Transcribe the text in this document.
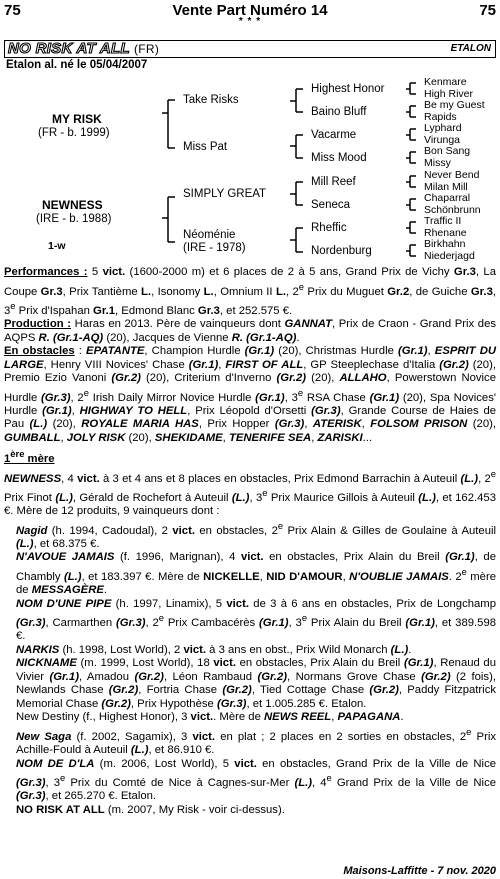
75	Vente Part Numéro 14	75
* * *
NO RISK AT ALL (FR)	ETALON
Etalon al. né le 05/04/2007
MY RISK
(FR - b. 1999)
NEWNESS
(IRE - b. 1988)
1-w
Take Risks
Miss Pat
SIMPLY GREAT
Néoménie
(IRE - 1978)
Highest Honor
Baino Bluff
Vacarme
Miss Mood
Mill Reef
Seneca
Rheffic
Nordenburg
Kenmare
High River
Be my Guest
Rapids
Lyphard
Virunga
Bon Sang
Missy
Never Bend
Milan Mill
Chaparral
Schönbrunn
Traffic II
Rhenane
Birkhahn
Niederjagd

Performances : 5 vict. (1600-2000 m) et 6 places de 2 à 5 ans, Grand Prix de Vichy Gr.3, La Coupe Gr.3, Prix Tantième L., Isonomy L., Omnium II L., 2e Prix du Muguet Gr.2, de Guiche Gr.3, 3e Prix d'Ispahan Gr.1, Edmond Blanc Gr.3, et 252.575 €.

Production : Haras en 2013. Père de vainqueurs dont GANNAT, Prix de Craon - Grand Prix des AQPS R. (Gr.1-AQ) (20), Jacques de Vienne R. (Gr.1-AQ).

En obstacles : EPATANTE, Champion Hurdle (Gr.1) (20), Christmas Hurdle (Gr.1), ESPRIT DU LARGE, Henry VIII Novices' Chase (Gr.1), FIRST OF ALL, GP Steeplechase d'Italia (Gr.2) (20), Premio Ezio Vanoni (Gr.2) (20), Criterium d'Inverno (Gr.2) (20), ALLAHO, Powerstown Novice Hurdle (Gr.3), 2e Irish Daily Mirror Novice Hurdle (Gr.1), 3e RSA Chase (Gr.1) (20), Spa Novices' Hurdle (Gr.1), HIGHWAY TO HELL, Prix Léopold d'Orsetti (Gr.3), Grande Course de Haies de Pau (L.) (20), ROYALE MARIA HAS, Prix Hopper (Gr.3), ATERISK, FOLSOM PRISON (20), GUMBALL, JOLY RISK (20), SHEKIDAME, TENERIFE SEA, ZARISKI...

1ère mère

NEWNESS, 4 vict. à 3 et 4 ans et 8 places en obstacles, Prix Edmond Barrachin à Auteuil (L.), 2e Prix Finot (L.), Gérald de Rochefort à Auteuil (L.), 3e Prix Maurice Gillois à Auteuil (L.), et 162.453 €. Mère de 12 produits, 9 vainqueurs dont :

Nagid (h. 1994, Cadoudal), 2 vict. en obstacles, 2e Prix Alain & Gilles de Goulaine à Auteuil (L.), et 68.375 €.

N'AVOUE JAMAIS (f. 1996, Marignan), 4 vict. en obstacles, Prix Alain du Breil (Gr.1), de Chambly (L.), et 183.397 €. Mère de NICKELLE, NID D'AMOUR, N'OUBLIE JAMAIS. 2e mère de MESSAGÈRE.

NOM D'UNE PIPE (h. 1997, Linamix), 5 vict. de 3 à 6 ans en obstacles, Prix de Longchamp (Gr.3), Carmarthen (Gr.3), 2e Prix Cambacérès (Gr.1), 3e Prix Alain du Breil (Gr.1), et 389.598 €.

NARKIS (h. 1998, Lost World), 2 vict. à 3 ans en obst., Prix Wild Monarch (L.).

NICKNAME (m. 1999, Lost World), 18 vict. en obstacles, Prix Alain du Breil (Gr.1), Renaud du Vivier (Gr.1), Amadou (Gr.2), Léon Rambaud (Gr.2), Normans Grove Chase (Gr.2) (2 fois), Newlands Chase (Gr.2), Fortria Chase (Gr.2), Tied Cottage Chase (Gr.2), Paddy Fitzpatrick Memorial Chase (Gr.2), Prix Hypothèse (Gr.3), et 1.005.285 €. Etalon.

New Destiny (f., Highest Honor), 3 vict.. Mère de NEWS REEL, PAPAGANA.

New Saga (f. 2002, Sagamix), 3 vict. en plat ; 2 places en 2 sorties en obstacles, 2e Prix Achille-Fould à Auteuil (L.), et 86.910 €.

NOM DE D'LA (m. 2006, Lost World), 5 vict. en obstacles, Grand Prix de la Ville de Nice (Gr.3), 3e Prix du Comté de Nice à Cagnes-sur-Mer (L.), 4e Grand Prix de la Ville de Nice (Gr.3), et 265.270 €. Etalon.

NO RISK AT ALL (m. 2007, My Risk - voir ci-dessus).

Maisons-Laffitte - 7 nov. 2020
